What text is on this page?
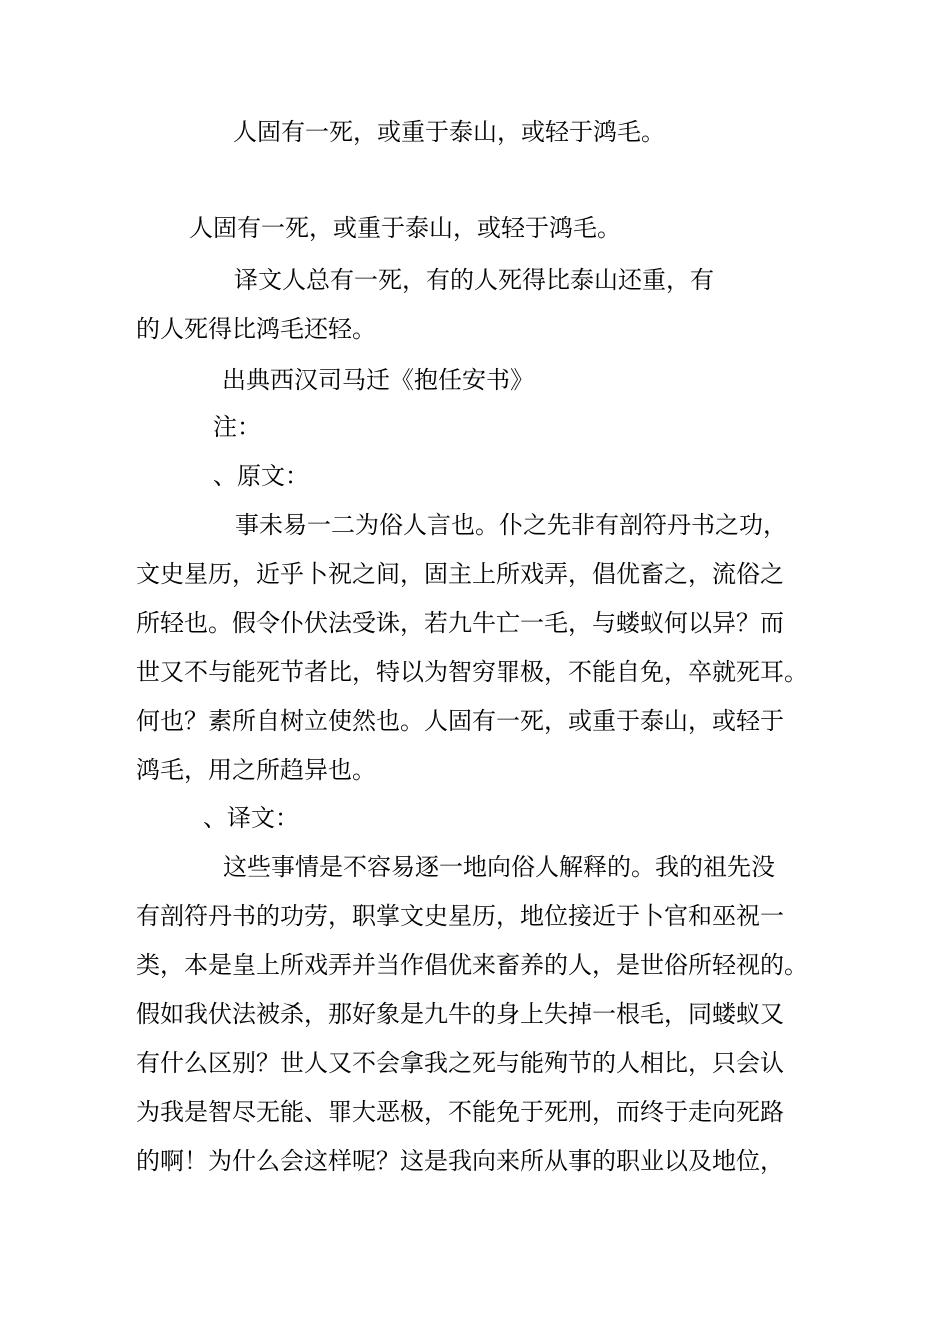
人固有一死，或重于泰山，或轻于鸿毛。

人固有一死，或重于泰山，或轻于鸿毛。

译文人总有一死，有的人死得比泰山还重，有

的人死得比鸿毛还轻。

出典西汉司马迁《抱任安书》

注：

、原文：

事未易一二为俗人言也。仆之先非有剖符丹书之功，
文史星历，近乎卜祝之间，固主上所戏弄，倡优畜之，流俗之
所轻也。假令仆伏法受诛，若九牛亡一毛，与蝼蚁何以异？而
世又不与能死节者比，特以为智穷罪极，不能自免，卒就死耳。
何也？素所自树立使然也。人固有一死，或重于泰山，或轻于
鸿毛，用之所趋异也。

、译文：

这些事情是不容易逐一地向俗人解释的。我的祖先没
有剖符丹书的功劳，职掌文史星历，地位接近于卜官和巫祝一
类，本是皇上所戏弄并当作倡优来畜养的人，是世俗所轻视的。
假如我伏法被杀，那好象是九牛的身上失掉一根毛，同蝼蚁又
有什么区别？世人又不会拿我之死与能殉节的人相比，只会认
为我是智尽无能、罪大恶极，不能免于死刑，而终于走向死路
的啊！为什么会这样呢？这是我向来所从事的职业以及地位，
